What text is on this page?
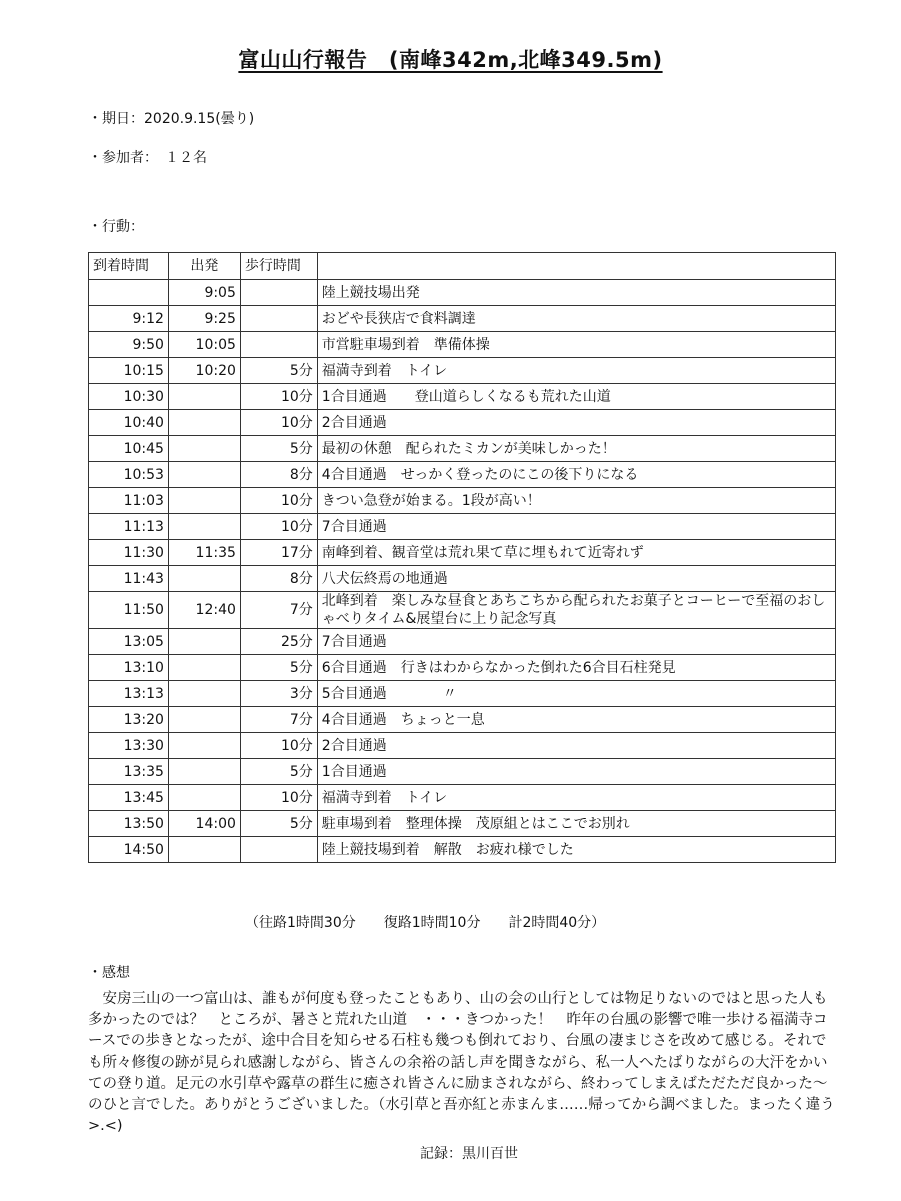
富山山行報告　(南峰342m,北峰349.5m)
・期日：2020.9.15(曇り)
・参加者：　１２名
・行動：
到着時間	出発	歩行時間	
	9:05		陸上競技場出発
9:12	9:25		おどや長狭店で食料調達
9:50	10:05		市営駐車場到着　準備体操
10:15	10:20	5分	福満寺到着　トイレ
10:30		10分	1合目通過　　登山道らしくなるも荒れた山道
10:40		10分	2合目通過
10:45		5分	最初の休憩　配られたミカンが美味しかった！
10:53		8分	4合目通過　せっかく登ったのにこの後下りになる
11:03		10分	きつい急登が始まる。1段が高い！
11:13		10分	7合目通過
11:30	11:35	17分	南峰到着、観音堂は荒れ果て草に埋もれて近寄れず
11:43		8分	八犬伝終焉の地通過
11:50	12:40	7分	北峰到着　楽しみな昼食とあちこちから配られたお菓子とコーヒーで至福のおしゃべりタイム&展望台に上り記念写真
13:05		25分	7合目通過
13:10		5分	6合目通過　行きはわからなかった倒れた6合目石柱発見
13:13		3分	5合目通過　　　　〃
13:20		7分	4合目通過　ちょっと一息
13:30		10分	2合目通過
13:35		5分	1合目通過
13:45		10分	福満寺到着　トイレ
13:50	14:00	5分	駐車場到着　整理体操　茂原組とはここでお別れ
14:50			陸上競技場到着　解散　お疲れ様でした
（往路1時間30分　　復路1時間10分　　計2時間40分）
・感想

安房三山の一つ富山は、誰もが何度も登ったこともあり、山の会の山行としては物足りないのではと思った人も多かったのでは？　ところが、暑さと荒れた山道　・・・きつかった！　昨年の台風の影響で唯一歩ける福満寺コースでの歩きとなったが、途中合目を知らせる石柱も幾つも倒れており、台風の凄まじさを改めて感じる。それでも所々修復の跡が見られ感謝しながら、皆さんの余裕の話し声を聞きながら、私一人へたばりながらの大汗をかいての登り道。足元の水引草や露草の群生に癒され皆さんに励まされながら、終わってしまえばただただ良かった～のひと言でした。ありがとうございました。（水引草と吾亦紅と赤まんま……帰ってから調べました。まったく違う>.<)

記録：黒川百世
